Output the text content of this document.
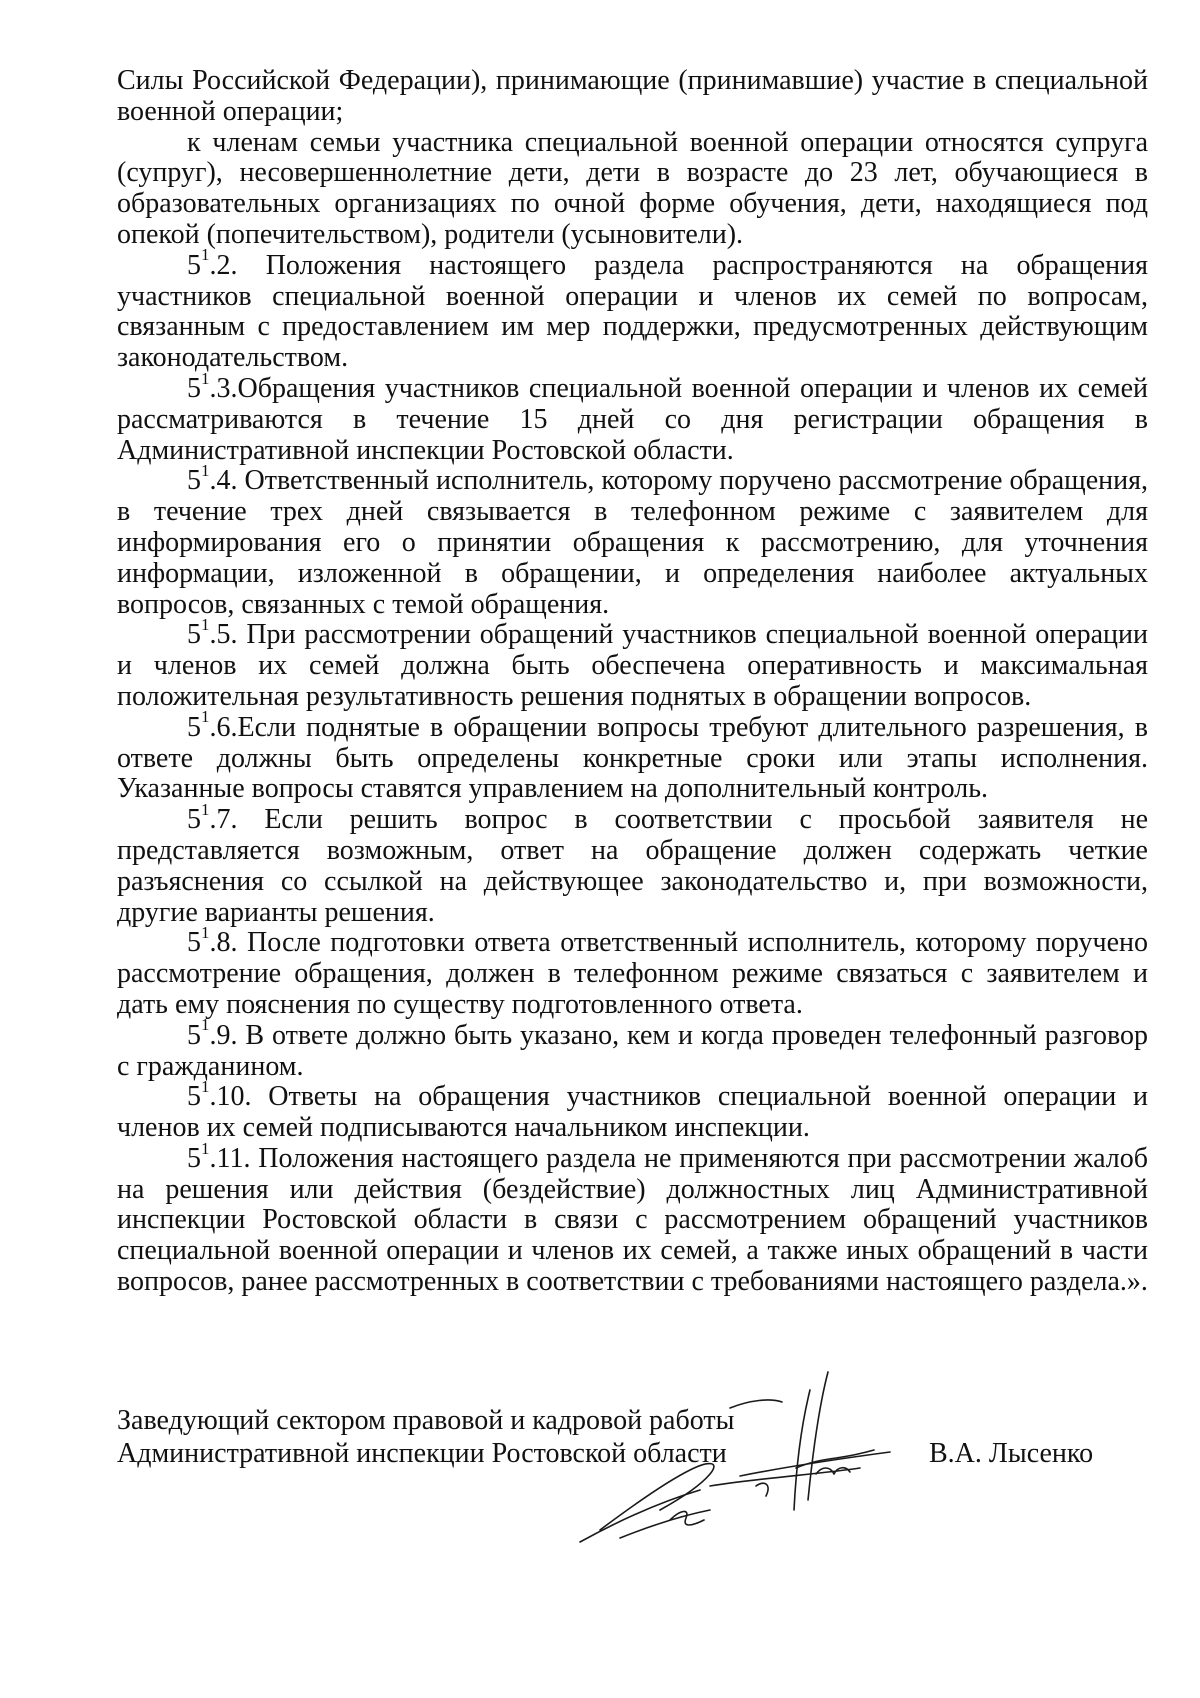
Силы Российской Федерации), принимающие (принимавшие) участие в специальной военной операции;

к членам семьи участника специальной военной операции относятся супруга (супруг), несовершеннолетние дети, дети в возрасте до 23 лет, обучающиеся в образовательных организациях по очной форме обучения, дети, находящиеся под опекой (попечительством), родители (усыновители).

$5^1.2$. Положения настоящего раздела распространяются на обращения участников специальной военной операции и членов их семей по вопросам, связанным с предоставлением им мер поддержки, предусмотренных действующим законодательством.

$5^1.3.Обращения$ участников специальной военной операции и членов их семей рассматриваются в течение 15 дней со дня регистрации обращения в Административной инспекции Ростовской области.

$5^1.4$. Ответственный исполнитель, которому поручено рассмотрение обращения, в течение трех дней связывается в телефонном режиме с заявителем для информирования его о принятии обращения к рассмотрению, для уточнения информации, изложенной в обращении, и определения наиболее актуальных вопросов, связанных с темой обращения.

$5^1.5$. При рассмотрении обращений участников специальной военной операции и членов их семей должна быть обеспечена оперативность и максимальная положительная результативность решения поднятых в обращении вопросов.

$5^1.6.Если$ поднятые в обращении вопросы требуют длительного разрешения, в ответе должны быть определены конкретные сроки или этапы исполнения. Указанные вопросы ставятся управлением на дополнительный контроль.

$5^1.7$. Если решить вопрос в соответствии с просьбой заявителя не представляется возможным, ответ на обращение должен содержать четкие разъяснения со ссылкой на действующее законодательство и, при возможности, другие варианты решения.

$5^1.8$. После подготовки ответа ответственный исполнитель, которому поручено рассмотрение обращения, должен в телефонном режиме связаться с заявителем и дать ему пояснения по существу подготовленного ответа.

$5^1.9$. В ответе должно быть указано, кем и когда проведен телефонный разговор с гражданином.

$5^1.10$. Ответы на обращения участников специальной военной операции и членов их семей подписываются начальником инспекции.

$5^1.11$. Положения настоящего раздела не применяются при рассмотрении жалоб на решения или действия (бездействие) должностных лиц Административной инспекции Ростовской области в связи с рассмотрением обращений участников специальной военной операции и членов их семей, а также иных обращений в части вопросов, ранее рассмотренных в соответствии с требованиями настоящего раздела.».

Заведующий сектором правовой и кадровой работы
Административной инспекции Ростовской области	В.А. Лысенко
